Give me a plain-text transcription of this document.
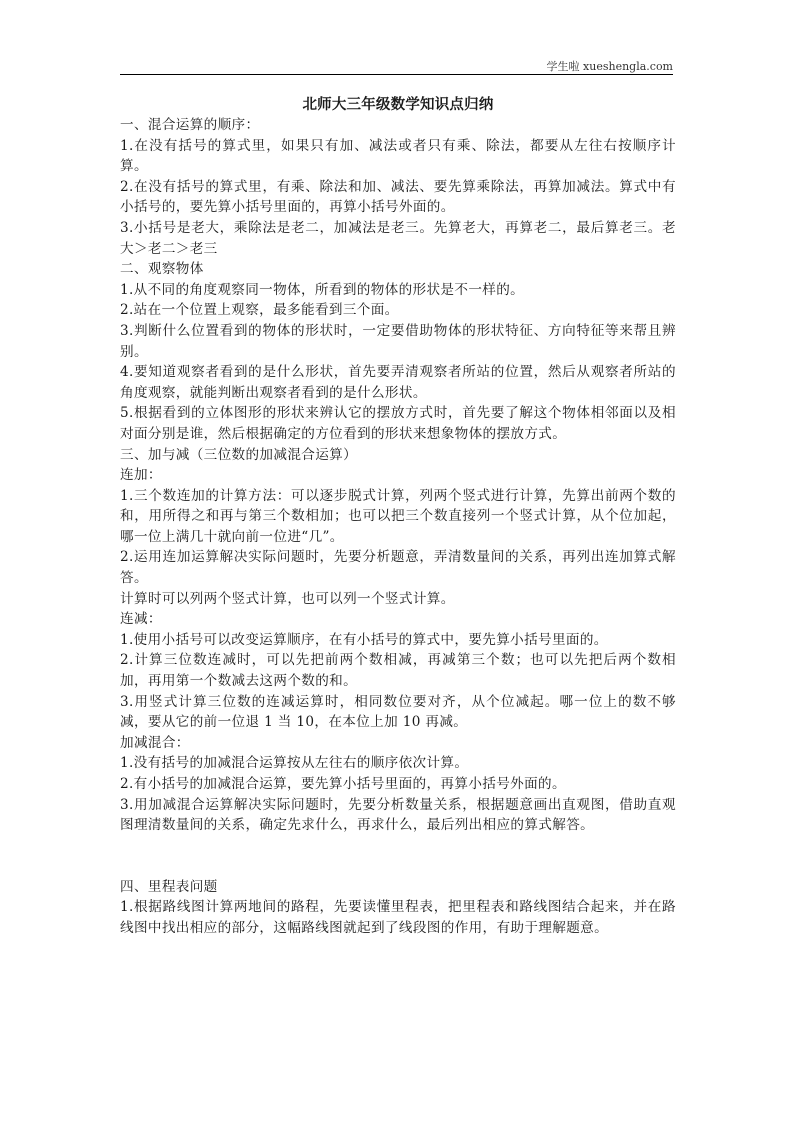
学生啦 xueshengla.com

北师大三年级数学知识点归纳

一、混合运算的顺序：

1.在没有括号的算式里，如果只有加、减法或者只有乘、除法，都要从左往右按顺序计算。

2.在没有括号的算式里，有乘、除法和加、减法、要先算乘除法，再算加减法。算式中有小括号的，要先算小括号里面的，再算小括号外面的。

3.小括号是老大，乘除法是老二，加减法是老三。先算老大，再算老二，最后算老三。老大＞老二＞老三

二、观察物体

1.从不同的角度观察同一物体，所看到的物体的形状是不一样的。

2.站在一个位置上观察，最多能看到三个面。

3.判断什么位置看到的物体的形状时，一定要借助物体的形状特征、方向特征等来帮且辨别。

4.要知道观察者看到的是什么形状，首先要弄清观察者所站的位置，然后从观察者所站的角度观察，就能判断出观察者看到的是什么形状。

5.根据看到的立体图形的形状来辨认它的摆放方式时，首先要了解这个物体相邻面以及相对面分别是谁，然后根据确定的方位看到的形状来想象物体的摆放方式。

三、加与减（三位数的加减混合运算）

连加：

1.三个数连加的计算方法：可以逐步脱式计算，列两个竖式进行计算，先算出前两个数的和，用所得之和再与第三个数相加；也可以把三个数直接列一个竖式计算，从个位加起，哪一位上满几十就向前一位进“几”。

2.运用连加运算解决实际问题时，先要分析题意，弄清数量间的关系，再列出连加算式解答。

计算时可以列两个竖式计算，也可以列一个竖式计算。

连减：

1.使用小括号可以改变运算顺序，在有小括号的算式中，要先算小括号里面的。

2.计算三位数连减时，可以先把前两个数相减，再减第三个数；也可以先把后两个数相加，再用第一个数减去这两个数的和。

3.用竖式计算三位数的连减运算时，相同数位要对齐，从个位减起。哪一位上的数不够减，要从它的前一位退 1 当 10，在本位上加 10 再减。

加减混合：

1.没有括号的加减混合运算按从左往右的顺序依次计算。

2.有小括号的加减混合运算，要先算小括号里面的，再算小括号外面的。

3.用加减混合运算解决实际问题时，先要分析数量关系，根据题意画出直观图，借助直观图理清数量间的关系，确定先求什么，再求什么，最后列出相应的算式解答。

四、里程表问题

1.根据路线图计算两地间的路程，先要读懂里程表，把里程表和路线图结合起来，并在路线图中找出相应的部分，这幅路线图就起到了线段图的作用，有助于理解题意。
